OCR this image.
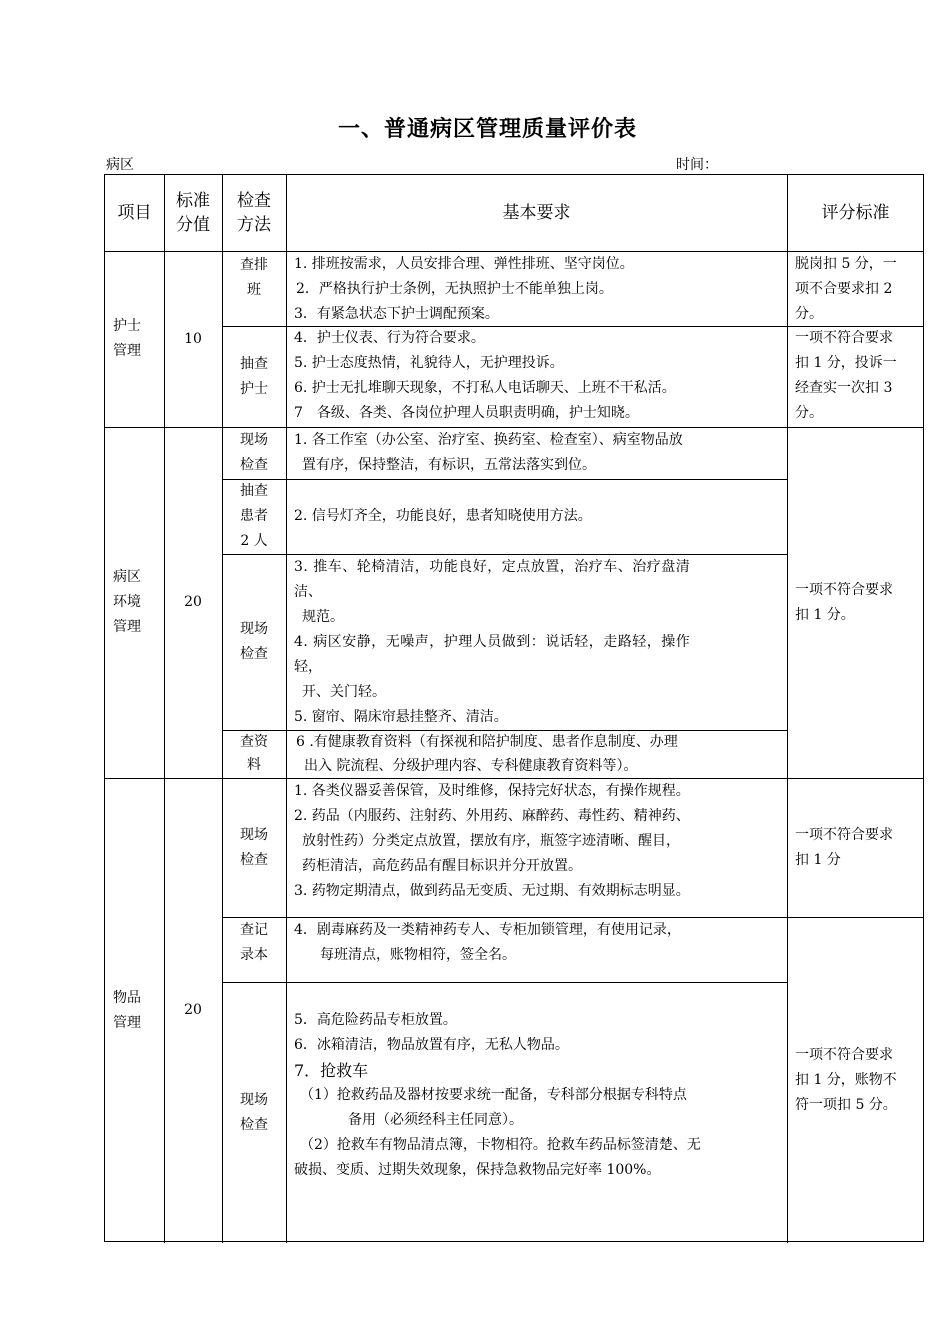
一、普通病区管理质量评价表
病区	时间：
项目
标准
分值
检查
方法
基本要求	评分标准
护士
管理
10
查排
班
1. 排班按需求，人员安排合理、弹性排班、坚守岗位。
2．严格执行护士条例，无执照护士不能单独上岗。
3．有紧急状态下护士调配预案。
脱岗扣 5 分，一
项不合要求扣 2
分。
抽查
护士
4．护士仪表、行为符合要求。
5. 护士态度热情，礼貌待人，无护理投诉。
6. 护士无扎堆聊天现象，不打私人电话聊天、上班不干私活。
7　各级、各类、各岗位护理人员职责明确，护士知晓。
一项不符合要求
扣 1 分，投诉一
经查实一次扣 3
分。
病区
环境
管理
20
现场
检查
1. 各工作室（办公室、治疗室、换药室、检查室）、病室物品放
置有序，保持整洁，有标识，五常法落实到位。
抽查
患者
2 人
2. 信号灯齐全，功能良好，患者知晓使用方法。
现场
检查
3. 推车、轮椅清洁，功能良好，定点放置，治疗车、治疗盘清
洁、
规范。
4. 病区安静，无噪声，护理人员做到：说话轻，走路轻，操作
轻，
开、关门轻。
5. 窗帘、隔床帘悬挂整齐、清洁。
查资
料
6 .有健康教育资料（有探视和陪护制度、患者作息制度、办理
出入 院流程、分级护理内容、专科健康教育资料等）。
一项不符合要求
扣 1 分。
物品
管理
20
现场
检查
1. 各类仪器妥善保管，及时维修，保持完好状态，有操作规程。
2. 药品（内服药、注射药、外用药、麻醉药、毒性药、精神药、
放射性药）分类定点放置，摆放有序，瓶签字迹清晰、醒目，
药柜清洁，高危药品有醒目标识并分开放置。
3. 药物定期清点，做到药品无变质、无过期、有效期标志明显。
一项不符合要求
扣 1 分
查记
录本
4．剧毒麻药及一类精神药专人、专柜加锁管理，有使用记录，
每班清点，账物相符，签全名。
现场
检查
5．高危险药品专柜放置。
6．冰箱清洁，物品放置有序，无私人物品。
7．抢救车
（1）抢救药品及器材按要求统一配备，专科部分根据专科特点
备用（必须经科主任同意）。
（2）抢救车有物品清点簿，卡物相符。抢救车药品标签清楚、无
破损、变质、过期失效现象，保持急救物品完好率 100%。
一项不符合要求
扣 1 分，账物不
符一项扣 5 分。
